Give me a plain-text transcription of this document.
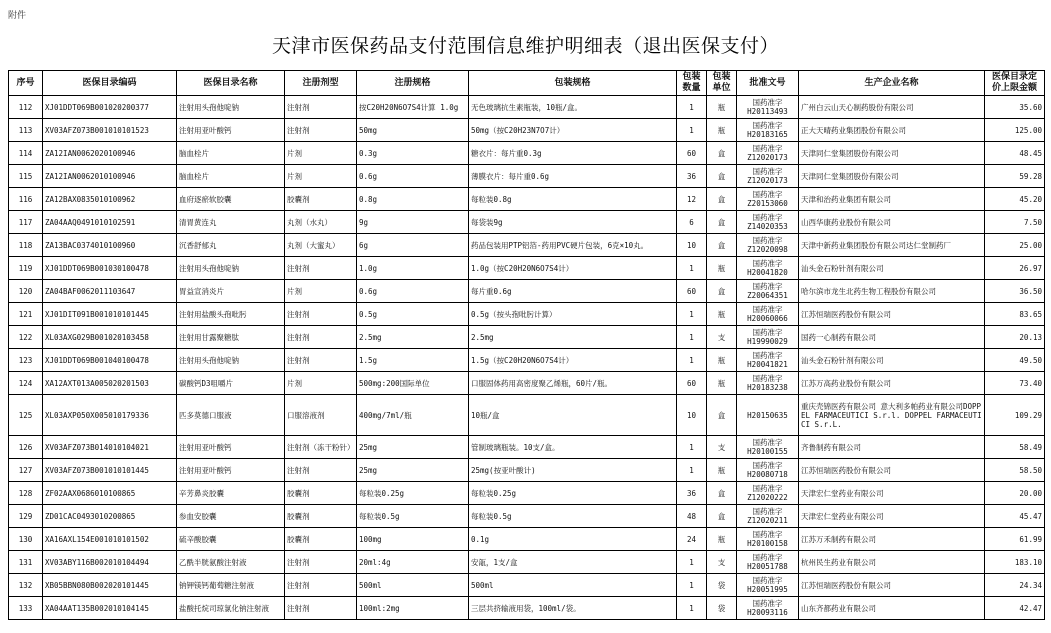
附件
天津市医保药品支付范围信息维护明细表（退出医保支付）
序号	医保目录编码	医保目录名称	注册剂型	注册规格	包装规格	包装
数量	包装
单位	批准文号	生产企业名称	医保目录定
价上限金额
112	XJ01DDT069B001020200377	注射用头孢他啶钠	注射剂	按C20H20N6O7S4计算 1.0g	无色玻璃抗生素瓶装，10瓶/盒。	1	瓶	国药准字
H20113493	广州白云山天心制药股份有限公司	35.60
113	XV03AFZ073B001010101523	注射用亚叶酸钙	注射剂	50mg	50mg（按C20H23N7O7计）	1	瓶	国药准字
H20183165	正大天晴药业集团股份有限公司	125.00
114	ZA12IAN0062020100946	脑血栓片	片剂	0.3g	糖衣片：每片重0.3g	60	盒	国药准字
Z12020173	天津同仁堂集团股份有限公司	48.45
115	ZA12IAN0062010100946	脑血栓片	片剂	0.6g	薄膜衣片：每片重0.6g	36	盒	国药准字
Z12020173	天津同仁堂集团股份有限公司	59.28
116	ZA12BAX0835010100962	血府逐瘀软胶囊	胶囊剂	0.8g	每粒装0.8g	12	盒	国药准字
Z20153060	天津和治药业集团有限公司	45.20
117	ZA04AAQ0491010102591	清胃黄连丸	丸剂（水丸）	9g	每袋装9g	6	盒	国药准字
Z14020353	山西华康药业股份有限公司	7.50
118	ZA13BAC0374010100960	沉香舒郁丸	丸剂（大蜜丸）	6g	药品包装用PTP铝箔-药用PVC硬片包装，6克×10丸。	10	盒	国药准字
Z12020098	天津中新药业集团股份有限公司达仁堂制药厂	25.00
119	XJ01DDT069B001030100478	注射用头孢他啶钠	注射剂	1.0g	1.0g（按C20H20N6O7S4计）	1	瓶	国药准字
H20041820	汕头金石粉针剂有限公司	26.97
120	ZA04BAF0062011103647	胃益宣消炎片	片剂	0.6g	每片重0.6g	60	盒	国药准字
Z20064351	哈尔滨市龙生北药生物工程股份有限公司	36.50
121	XJ01DIT091B001010101445	注射用盐酸头孢吡肟	注射剂	0.5g	0.5g（按头孢吡肟计算）	1	瓶	国药准字
H20060066	江苏恒瑞医药股份有限公司	83.65
122	XL03AXG029B001020103458	注射用甘露聚糖肽	注射剂	2.5mg	2.5mg	1	支	国药准字
H19990029	国药一心制药有限公司	20.13
123	XJ01DDT069B001040100478	注射用头孢他啶钠	注射剂	1.5g	1.5g（按C20H20N6O7S4计）	1	瓶	国药准字
H20041821	汕头金石粉针剂有限公司	49.50
124	XA12AXT013A005020201503	碳酸钙D3咀嚼片	片剂	500mg:200国际单位	口服固体药用高密度聚乙烯瓶，60片/瓶。	60	瓶	国药准字
H20183238	江苏万高药业股份有限公司	73.40
125	XL03AXP050X005010179336	匹多莫德口服液	口服溶液剂	400mg/7ml/瓶	10瓶/盒	10	盒	H20150635	重庆壳锦医药有限公司 意大利多帕药业有限公司DOPPEL FARMACEUTICI S.r.l. DOPPEL FARMACEUTICI S.r.L.	109.29
126	XV03AFZ073B014010104021	注射用亚叶酸钙	注射剂（冻干粉针）	25mg	管制玻璃瓶装。10支/盒。	1	支	国药准字
H20100155	齐鲁制药有限公司	58.49
127	XV03AFZ073B001010101445	注射用亚叶酸钙	注射剂	25mg	25mg(按亚叶酸计)	1	瓶	国药准字
H20080718	江苏恒瑞医药股份有限公司	58.50
128	ZF02AAX0686010100865	辛芳鼻炎胶囊	胶囊剂	每粒装0.25g	每粒装0.25g	36	盒	国药准字
Z12020222	天津宏仁堂药业有限公司	20.00
129	ZD01CAC0493010200865	参血安胶囊	胶囊剂	每粒装0.5g	每粒装0.5g	48	盒	国药准字
Z12020211	天津宏仁堂药业有限公司	45.47
130	XA16AXL154E001010101502	硫辛酸胶囊	胶囊剂	100mg	0.1g	24	瓶	国药准字
H20100158	江苏万禾制药有限公司	61.99
131	XV03ABY116B002010104494	乙酰半胱氨酸注射液	注射剂	20ml:4g	安瓿，1支/盒	1	支	国药准字
H20051788	杭州民生药业有限公司	183.10
132	XB05BBN080B002020101445	钠钾镁钙葡萄糖注射液	注射剂	500ml	500ml	1	袋	国药准字
H20051995	江苏恒瑞医药股份有限公司	24.34
133	XA04AAT135B002010104145	盐酸托烷司琼氯化钠注射液	注射剂	100ml:2mg	三层共挤输液用袋，100ml/袋。	1	袋	国药准字
H20093116	山东齐都药业有限公司	42.47
